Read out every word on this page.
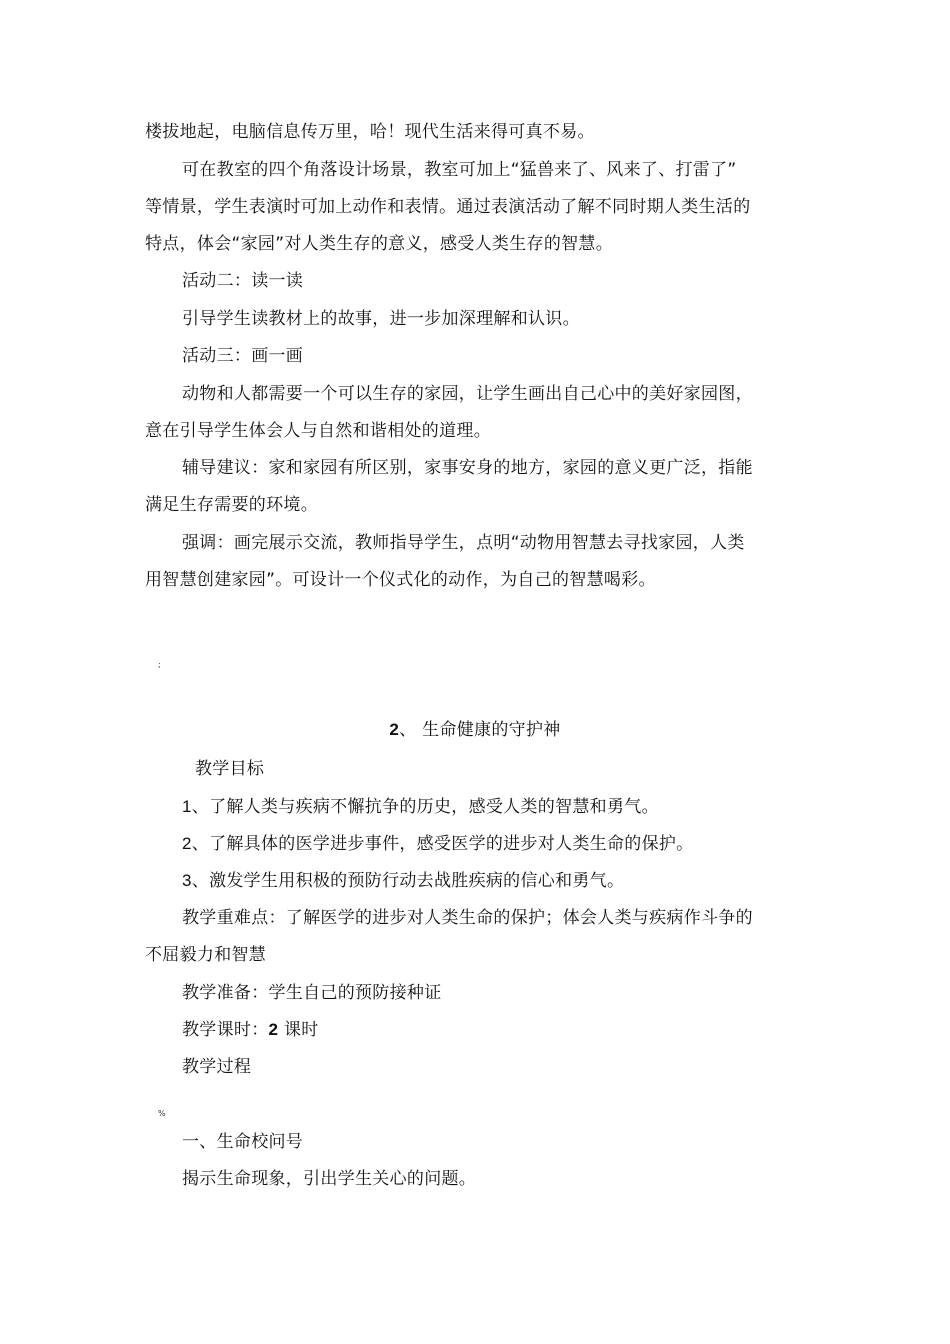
楼拔地起，电脑信息传万里，哈！现代生活来得可真不易。
可在教室的四个角落设计场景，教室可加上“猛兽来了、风来了、打雷了”
等情景，学生表演时可加上动作和表情。通过表演活动了解不同时期人类生活的
特点，体会“家园”对人类生存的意义，感受人类生存的智慧。
活动二：读一读
引导学生读教材上的故事，进一步加深理解和认识。
活动三：画一画
动物和人都需要一个可以生存的家园，让学生画出自己心中的美好家园图，
意在引导学生体会人与自然和谐相处的道理。
辅导建议：家和家园有所区别，家事安身的地方，家园的意义更广泛，指能
满足生存需要的环境。
强调：画完展示交流，教师指导学生，点明“动物用智慧去寻找家园，人类
用智慧创建家园”。可设计一个仪式化的动作，为自己的智慧喝彩。
;
2、 生命健康的守护神
教学目标
1、了解人类与疾病不懈抗争的历史，感受人类的智慧和勇气。
2、了解具体的医学进步事件，感受医学的进步对人类生命的保护。
3、激发学生用积极的预防行动去战胜疾病的信心和勇气。
教学重难点：了解医学的进步对人类生命的保护；体会人类与疾病作斗争的
不屈毅力和智慧
教学准备：学生自己的预防接种证
教学课时：2 课时
教学过程
%
一、生命校问号
揭示生命现象，引出学生关心的问题。
